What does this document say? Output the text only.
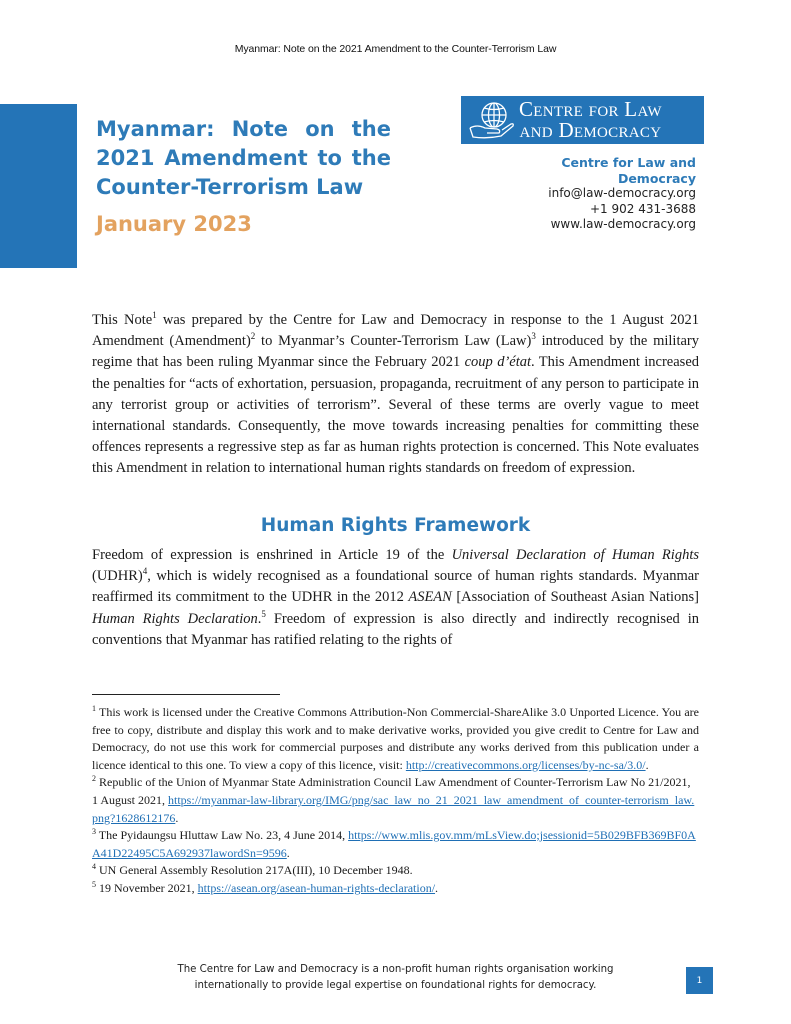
Myanmar: Note on the 2021 Amendment to the Counter-Terrorism Law
Myanmar: Note on the
2021 Amendment to the
Counter-Terrorism Law
January 2023
Centre for Law
and Democracy
Centre for Law and
Democracy
info@law-democracy.org
+1 902 431-3688
www.law-democracy.org
This Note$^1$ was prepared by the Centre for Law and Democracy in response to the 1 August 2021 Amendment (Amendment)$^2$ to Myanmar’s Counter-Terrorism Law (Law)$^3$ introduced by the military regime that has been ruling Myanmar since the February 2021 coup d’état. This Amendment increased the penalties for “acts of exhortation, persuasion, propaganda, recruitment of any person to participate in any terrorist group or activities of terrorism”. Several of these terms are overly vague to meet international standards. Consequently, the move towards increasing penalties for committing these offences represents a regressive step as far as human rights protection is concerned. This Note evaluates this Amendment in relation to international human rights standards on freedom of expression.
Human Rights Framework
Freedom of expression is enshrined in Article 19 of the Universal Declaration of Human Rights (UDHR)$^4$, which is widely recognised as a foundational source of human rights standards. Myanmar reaffirmed its commitment to the UDHR in the 2012 ASEAN [Association of Southeast Asian Nations] Human Rights Declaration.$^5$ Freedom of expression is also directly and indirectly recognised in conventions that Myanmar has ratified relating to the rights of

$^1$ This work is licensed under the Creative Commons Attribution-Non Commercial-ShareAlike 3.0 Unported Licence. You are free to copy, distribute and display this work and to make derivative works, provided you give credit to Centre for Law and Democracy, do not use this work for commercial purposes and distribute any works derived from this publication under a licence identical to this one. To view a copy of this licence, visit: http://creativecommons.org/licenses/by-nc-sa/3.0/.

$^2$ Republic of the Union of Myanmar State Administration Council Law Amendment of Counter-Terrorism Law No 21/2021, 1 August 2021, https://myanmar-law-library.org/IMG/png/sac_law_no_21_2021_law_amendment_of_counter-terrorism_law.png?1628612176.

$^3$ The Pyidaungsu Hluttaw Law No. 23, 4 June 2014, https://www.mlis.gov.mm/mLsView.do;jsessionid=5B029BFB369BF0AA41D22495C5A692937lawordSn=9596.

$^4$ UN General Assembly Resolution 217A(III), 10 December 1948.

$^5$ 19 November 2021, https://asean.org/asean-human-rights-declaration/.

The Centre for Law and Democracy is a non-profit human rights organisation working
internationally to provide legal expertise on foundational rights for democracy.	1
